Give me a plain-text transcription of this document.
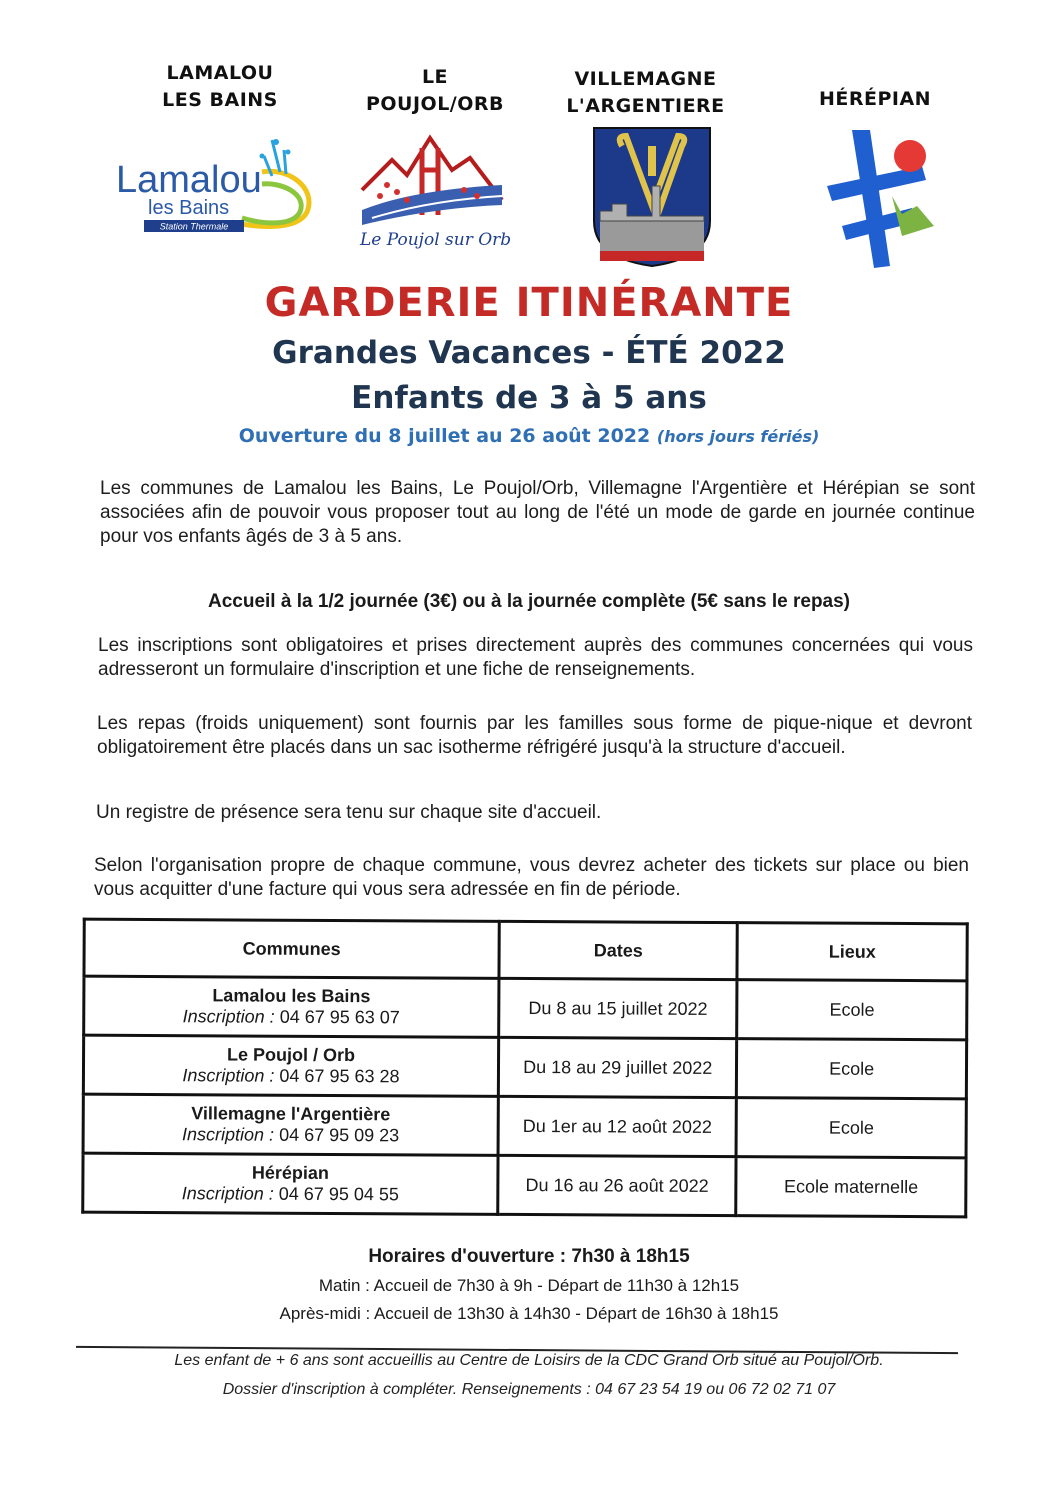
LAMALOU
LES BAINS
LE
POUJOL/ORB
VILLEMAGNE
L'ARGENTIERE	HÉRÉPIAN
Lamalou
les Bains
Station Thermale
Le Poujol sur Orb
GARDERIE ITINÉRANTE
Grandes Vacances - ÉTÉ 2022
Enfants de 3 à 5 ans
Ouverture du 8 juillet au 26 août 2022 (hors jours fériés)
Les communes de Lamalou les Bains, Le Poujol/Orb, Villemagne l'Argentière et Hérépian se sont associées afin de pouvoir vous proposer tout au long de l'été un mode de garde en journée continue pour vos enfants âgés de 3 à 5 ans.
Accueil à la 1/2 journée (3€) ou à la journée complète (5€ sans le repas)
Les inscriptions sont obligatoires et prises directement auprès des communes concernées qui vous adresseront un formulaire d'inscription et une fiche de renseignements.
Les repas (froids uniquement) sont fournis par les familles sous forme de pique-nique et devront obligatoirement être placés dans un sac isotherme réfrigéré jusqu'à la structure d'accueil.
Un registre de présence sera tenu sur chaque site d'accueil.
Selon l'organisation propre de chaque commune, vous devrez acheter des tickets sur place ou bien vous acquitter d'une facture qui vous sera adressée en fin de période.
Communes	Dates	Lieux

Lamalou les Bains
Inscription : 04 67 95 63 07	Du 8 au 15 juillet 2022	Ecole

Le Poujol / Orb
Inscription : 04 67 95 63 28	Du 18 au 29 juillet 2022	Ecole

Villemagne l'Argentière
Inscription : 04 67 95 09 23	Du 1er au 12 août 2022	Ecole

Hérépian
Inscription : 04 67 95 04 55	Du 16 au 26 août 2022	Ecole maternelle
Horaires d'ouverture : 7h30 à 18h15
Matin : Accueil de 7h30 à 9h - Départ de 11h30 à 12h15
Après-midi : Accueil de 13h30 à 14h30 - Départ de 16h30 à 18h15
Les enfant de + 6 ans sont accueillis au Centre de Loisirs de la CDC Grand Orb situé au Poujol/Orb.
Dossier d'inscription à compléter. Renseignements : 04 67 23 54 19 ou 06 72 02 71 07
